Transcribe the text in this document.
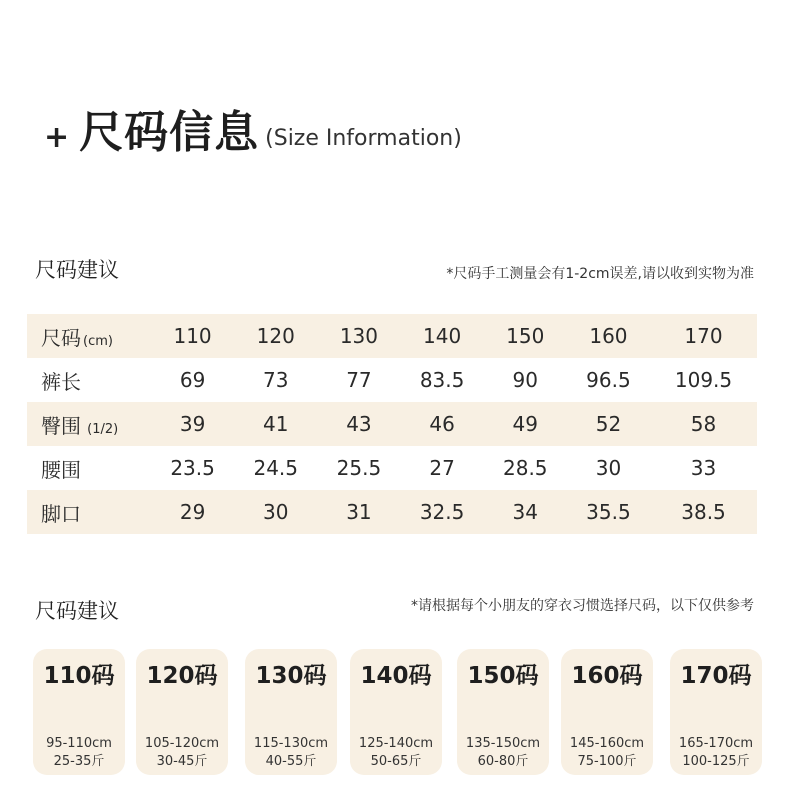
+ 尺码信息 (Size Information)
尺码建议	*尺码手工测量会有1-2cm误差,请以收到实物为准
尺码 (cm)	110	120	130	140	150	160	170
裤长	69	73	77	83.5	90	96.5	109.5
臀围 (1/2)	39	41	43	46	49	52	58
腰围	23.5	24.5	25.5	27	28.5	30	33
脚口	29	30	31	32.5	34	35.5	38.5
尺码建议	*请根据每个小朋友的穿衣习惯选择尺码，以下仅供参考
110码
95-110cm
25-35斤
120码
105-120cm
30-45斤
130码
115-130cm
40-55斤
140码
125-140cm
50-65斤
150码
135-150cm
60-80斤
160码
145-160cm
75-100斤
170码
165-170cm
100-125斤
